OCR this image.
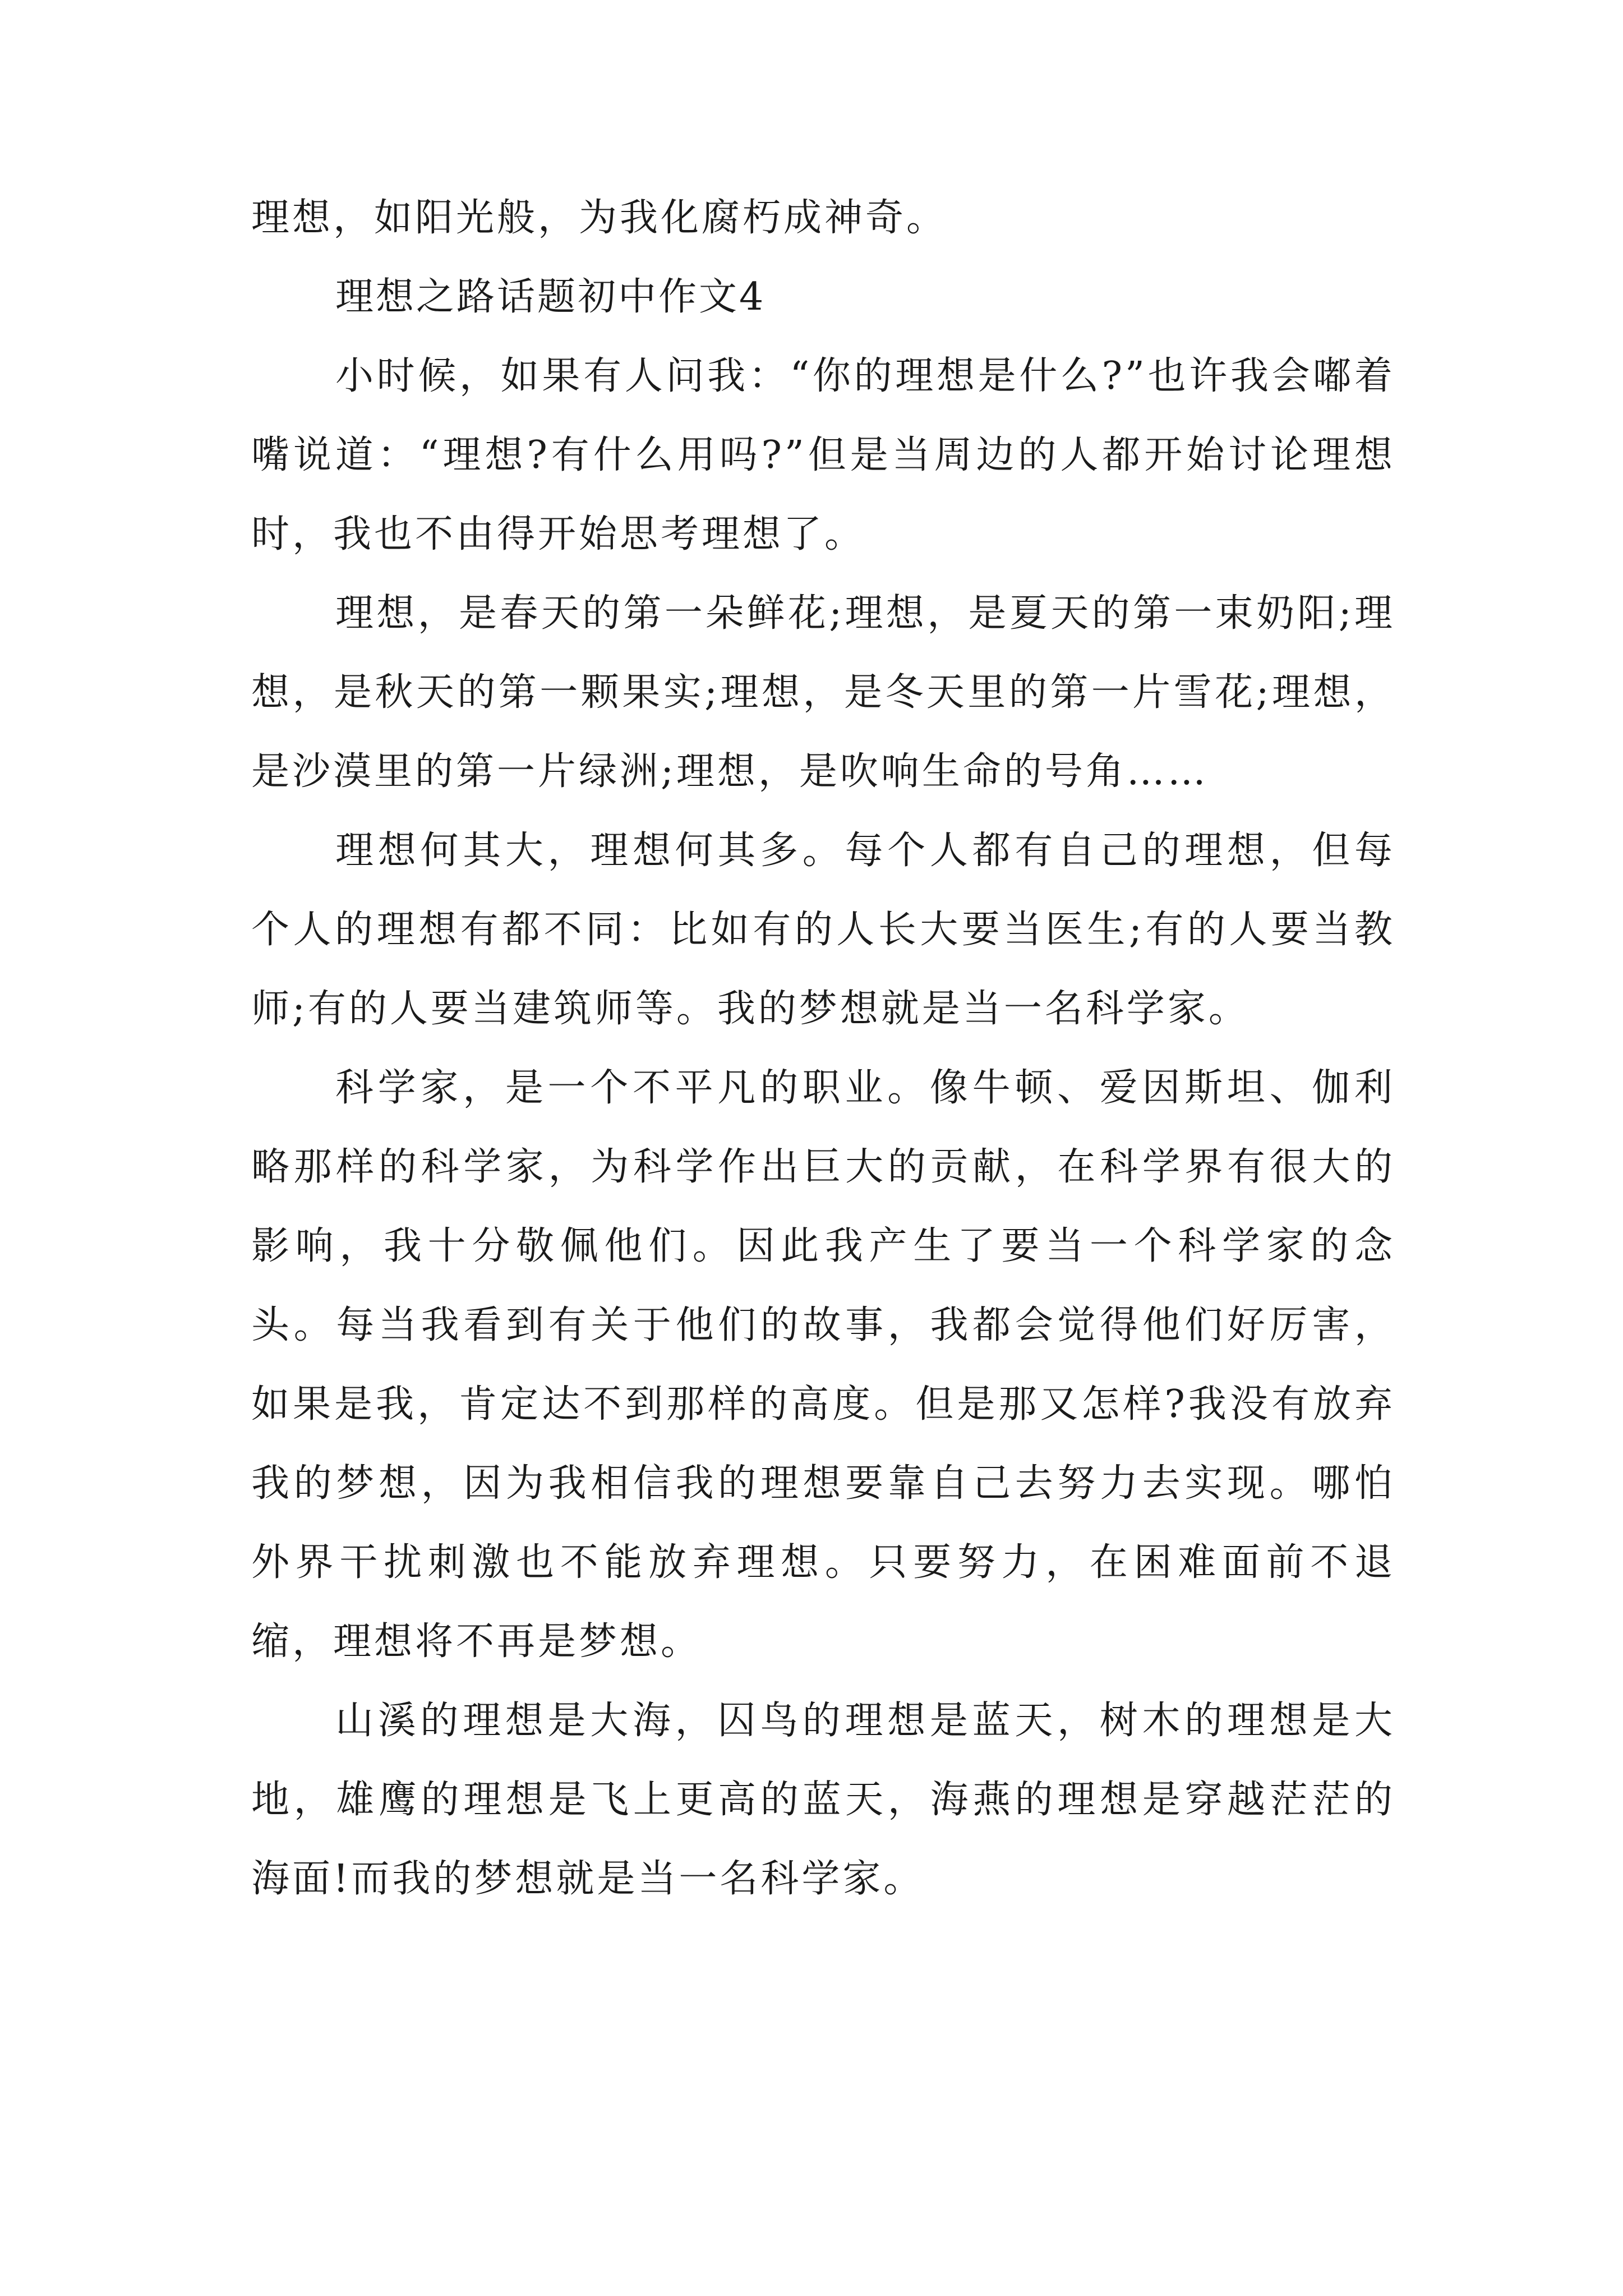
理想，如阳光般，为我化腐朽成神奇。

理想之路话题初中作文4

小时候，如果有人问我：“你的理想是什么?”也许我会嘟着嘴说道：“理想?有什么用吗?”但是当周边的人都开始讨论理想时，我也不由得开始思考理想了。

理想，是春天的第一朵鲜花;理想，是夏天的第一束奶阳;理想，是秋天的第一颗果实;理想，是冬天里的第一片雪花;理想，是沙漠里的第一片绿洲;理想，是吹响生命的号角……

理想何其大，理想何其多。每个人都有自己的理想，但每个人的理想有都不同：比如有的人长大要当医生;有的人要当教师;有的人要当建筑师等。我的梦想就是当一名科学家。

科学家，是一个不平凡的职业。像牛顿、爱因斯坦、伽利略那样的科学家，为科学作出巨大的贡献，在科学界有很大的影响，我十分敬佩他们。因此我产生了要当一个科学家的念头。每当我看到有关于他们的故事，我都会觉得他们好厉害，如果是我，肯定达不到那样的高度。但是那又怎样?我没有放弃我的梦想，因为我相信我的理想要靠自己去努力去实现。哪怕外界干扰刺激也不能放弃理想。只要努力，在困难面前不退缩，理想将不再是梦想。

山溪的理想是大海，囚鸟的理想是蓝天，树木的理想是大地，雄鹰的理想是飞上更高的蓝天，海燕的理想是穿越茫茫的海面!而我的梦想就是当一名科学家。
